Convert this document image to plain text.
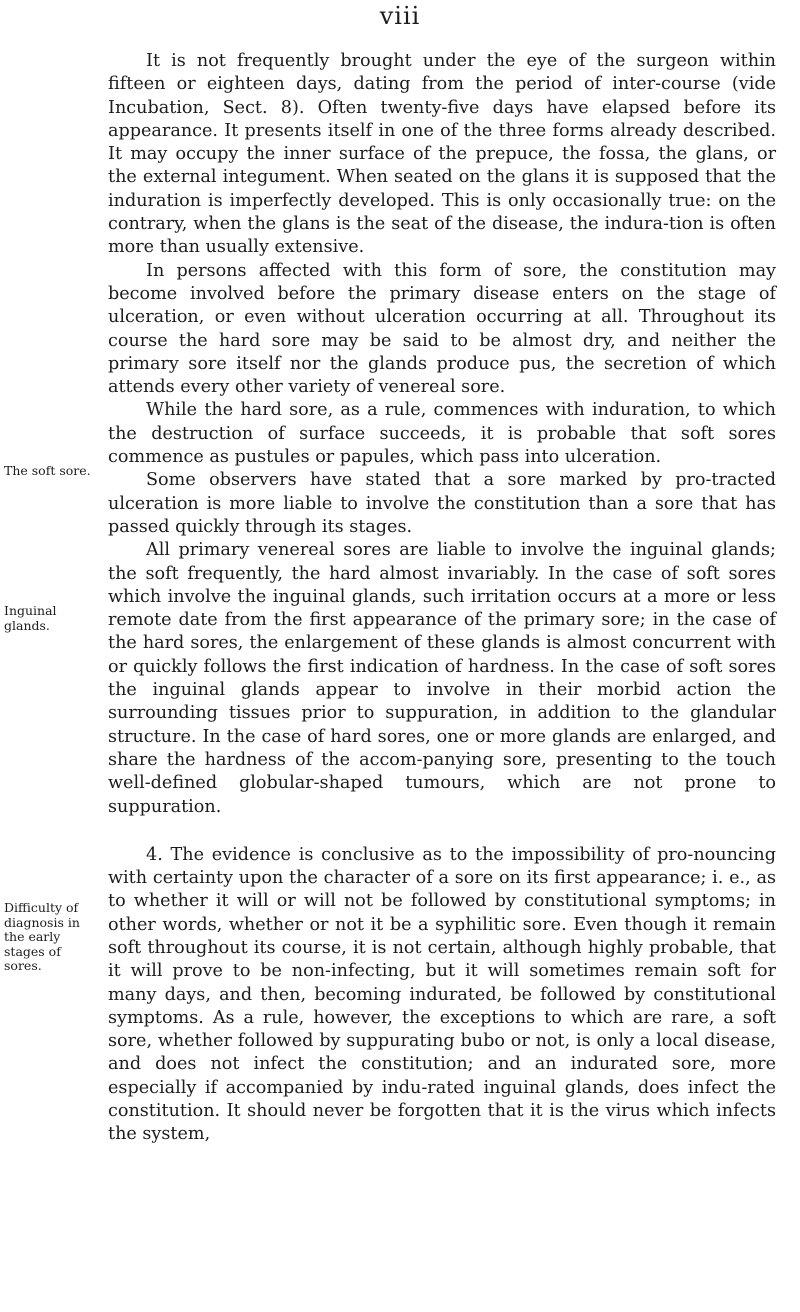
viii

It is not frequently brought under the eye of the surgeon within fifteen or eighteen days, dating from the period of inter-course (vide Incubation, Sect. 8). Often twenty-five days have elapsed before its appearance. It presents itself in one of the three forms already described. It may occupy the inner surface of the prepuce, the fossa, the glans, or the external integument. When seated on the glans it is supposed that the induration is imperfectly developed. This is only occasionally true: on the contrary, when the glans is the seat of the disease, the indura-tion is often more than usually extensive.

In persons affected with this form of sore, the constitution may become involved before the primary disease enters on the stage of ulceration, or even without ulceration occurring at all. Throughout its course the hard sore may be said to be almost dry, and neither the primary sore itself nor the glands produce pus, the secretion of which attends every other variety of venereal sore.

While the hard sore, as a rule, commences with induration, to which the destruction of surface succeeds, it is probable that soft sores commence as pustules or papules, which pass into ulceration.

Some observers have stated that a sore marked by pro-tracted ulceration is more liable to involve the constitution than a sore that has passed quickly through its stages.

All primary venereal sores are liable to involve the inguinal glands; the soft frequently, the hard almost invariably. In the case of soft sores which involve the inguinal glands, such irritation occurs at a more or less remote date from the first appearance of the primary sore; in the case of the hard sores, the enlargement of these glands is almost concurrent with or quickly follows the first indication of hardness. In the case of soft sores the inguinal glands appear to involve in their morbid action the surrounding tissues prior to suppuration, in addition to the glandular structure. In the case of hard sores, one or more glands are enlarged, and share the hardness of the accom-panying sore, presenting to the touch well-defined globular-shaped tumours, which are not prone to suppuration.

4. The evidence is conclusive as to the impossibility of pro-nouncing with certainty upon the character of a sore on its first appearance; i. e., as to whether it will or will not be followed by constitutional symptoms; in other words, whether or not it be a syphilitic sore. Even though it remain soft throughout its course, it is not certain, although highly probable, that it will prove to be non-infecting, but it will sometimes remain soft for many days, and then, becoming indurated, be followed by constitutional symptoms. As a rule, however, the exceptions to which are rare, a soft sore, whether followed by suppurating bubo or not, is only a local disease, and does not infect the constitution; and an indurated sore, more especially if accompanied by indu-rated inguinal glands, does infect the constitution. It should never be forgotten that it is the virus which infects the system,

The soft sore.
Inguinal glands.
Difficulty of diagnosis in the early stages of sores.
